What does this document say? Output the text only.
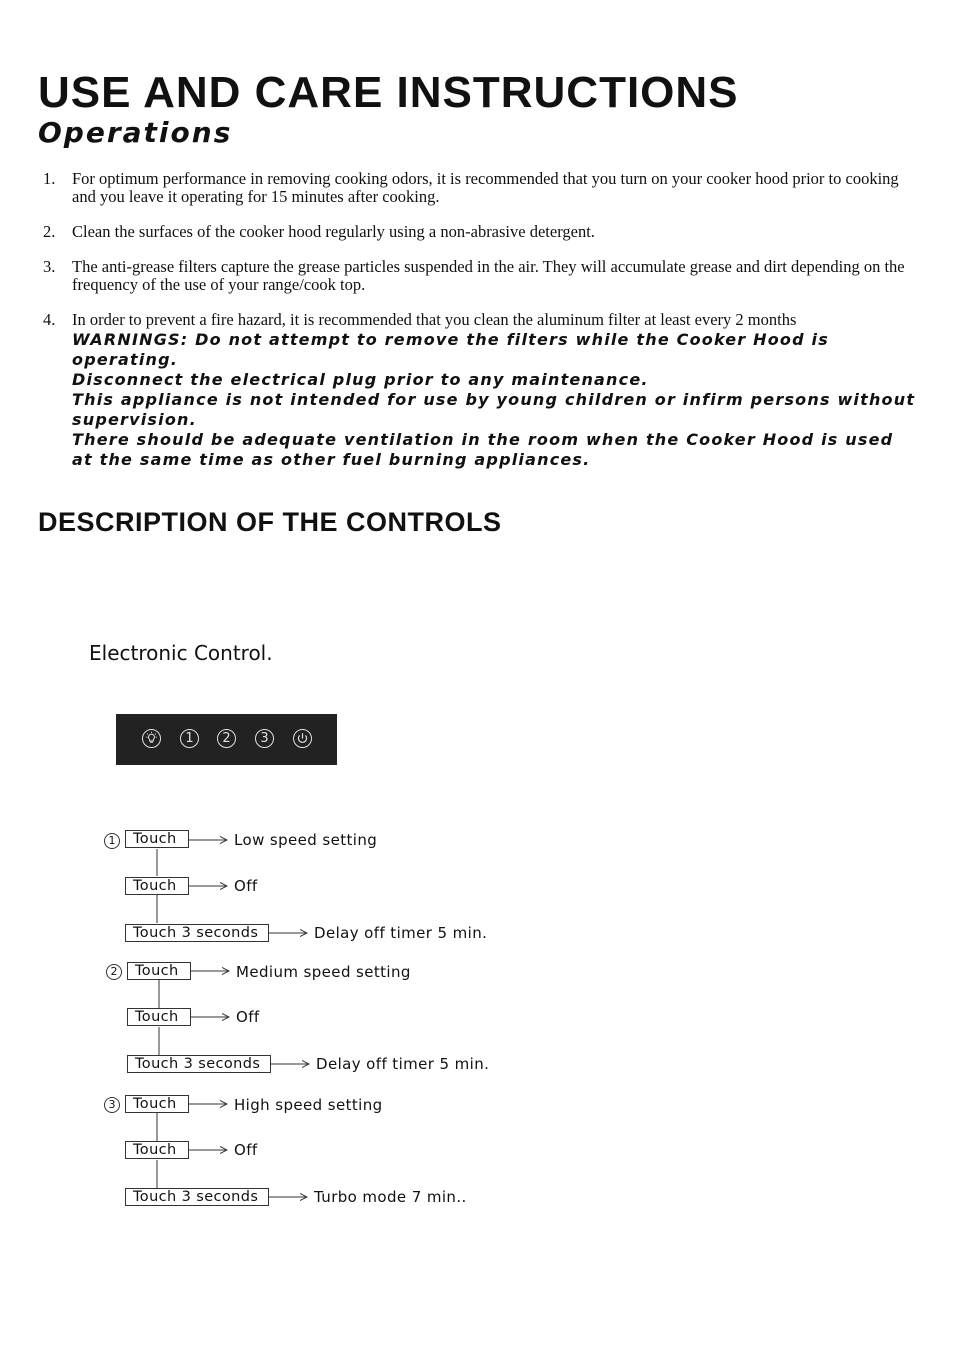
USE AND CARE INSTRUCTIONS
Operations
1. For optimum performance in removing cooking odors, it is recommended that you turn on your cooker hood prior to cooking and you leave it operating for 15 minutes after cooking.
2. Clean the surfaces of the cooker hood regularly using a non-abrasive detergent.
3. The anti-grease filters capture the grease particles suspended in the air. They will accumulate grease and dirt depending on the frequency of the use of your range/cook top.
4. In order to prevent a fire hazard, it is recommended that you clean the aluminum filter at least every 2 months

WARNINGS: Do not attempt to remove the filters while the Cooker Hood is operating.

Disconnect the electrical plug prior to any maintenance.

This appliance is not intended for use by young children or infirm persons without supervision.

There should be adequate ventilation in the room when the Cooker Hood is used at the same time as other fuel burning appliances.

DESCRIPTION OF THE CONTROLS
Electronic Control.
1	2	3
1	Touch	Low speed setting
Touch	Off
Touch 3 seconds	Delay off timer 5 min.
2	Touch	Medium speed setting
Touch	Off
Touch 3 seconds	Delay off timer 5 min.
3	Touch	High speed setting
Touch	Off
Touch 3 seconds	Turbo mode 7 min..
